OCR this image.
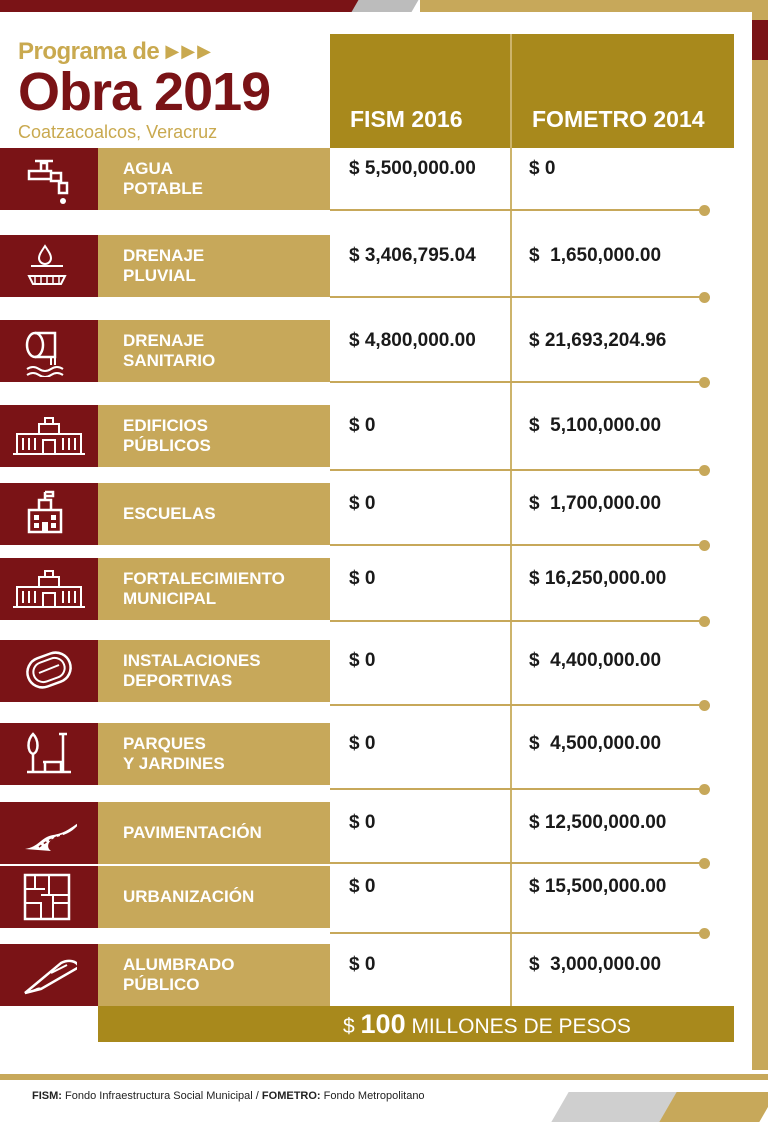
Programa de ▶▶▶
Obra 2019
Coatzacoalcos, Veracruz	FISM 2016	FOMETRO 2014
AGUA
POTABLE
$ 5,500,000.00	$ 0
DRENAJE
PLUVIAL
$ 3,406,795.04	$  1,650,000.00
DRENAJE
SANITARIO
$ 4,800,000.00	$ 21,693,204.96
EDIFICIOS
PÚBLICOS
$ 0	$  5,100,000.00
ESCUELAS	$ 0	$  1,700,000.00
FORTALECIMIENTO
MUNICIPAL
$ 0	$ 16,250,000.00
INSTALACIONES
DEPORTIVAS
$ 0	$  4,400,000.00
PARQUES
Y JARDINES
$ 0	$  4,500,000.00
PAVIMENTACIÓN	$ 0	$ 12,500,000.00
URBANIZACIÓN	$ 0	$ 15,500,000.00
ALUMBRADO
PÚBLICO
$ 0	$  3,000,000.00
$ 100 MILLONES DE PESOS
FISM: Fondo Infraestructura Social Municipal / FOMETRO: Fondo Metropolitano
